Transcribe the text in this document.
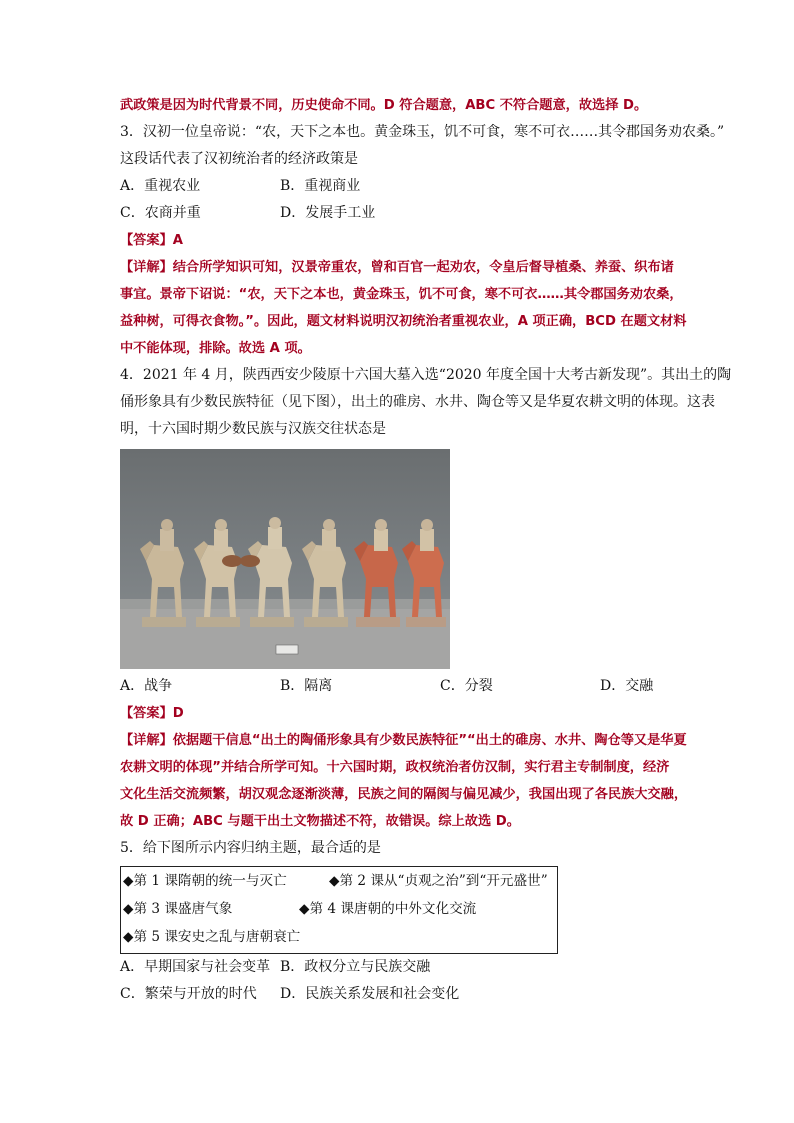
武政策是因为时代背景不同，历史使命不同。D 符合题意，ABC 不符合题意，故选择 D。
3．汉初一位皇帝说：“农，天下之本也。黄金珠玉，饥不可食，寒不可衣……其令郡国务劝农桑。”
这段话代表了汉初统治者的经济政策是
A．重视农业	B．重视商业
C．农商并重	D．发展手工业
【答案】A
【详解】结合所学知识可知，汉景帝重农，曾和百官一起劝农，令皇后督导植桑、养蚕、织布诸
事宜。景帝下诏说：“农，天下之本也，黄金珠玉，饥不可食，寒不可衣……其令郡国务劝农桑，
益种树，可得衣食物。”。因此，题文材料说明汉初统治者重视农业，A 项正确，BCD 在题文材料
中不能体现，排除。故选 A 项。
4．2021 年 4 月，陕西西安少陵原十六国大墓入选“2020 年度全国十大考古新发现”。其出土的陶
俑形象具有少数民族特征（见下图），出土的碓房、水井、陶仓等又是华夏农耕文明的体现。这表
明，十六国时期少数民族与汉族交往状态是
A．战争	B．隔离	C．分裂	D．交融
【答案】D
【详解】依据题干信息“出土的陶俑形象具有少数民族特征”“出土的碓房、水井、陶仓等又是华夏
农耕文明的体现”并结合所学可知。十六国时期，政权统治者仿汉制，实行君主专制制度，经济
文化生活交流频繁，胡汉观念逐渐淡薄，民族之间的隔阂与偏见减少，我国出现了各民族大交融，
故 D 正确；ABC 与题干出土文物描述不符，故错误。综上故选 D。
5．给下图所示内容归纳主题，最合适的是
◆第 1 课隋朝的统一与灭亡	◆第 2 课从“贞观之治”到“开元盛世”
◆第 3 课盛唐气象	◆第 4 课唐朝的中外文化交流
◆第 5 课安史之乱与唐朝衰亡
A．早期国家与社会变革 B．政权分立与民族交融
C．繁荣与开放的时代	D．民族关系发展和社会变化
